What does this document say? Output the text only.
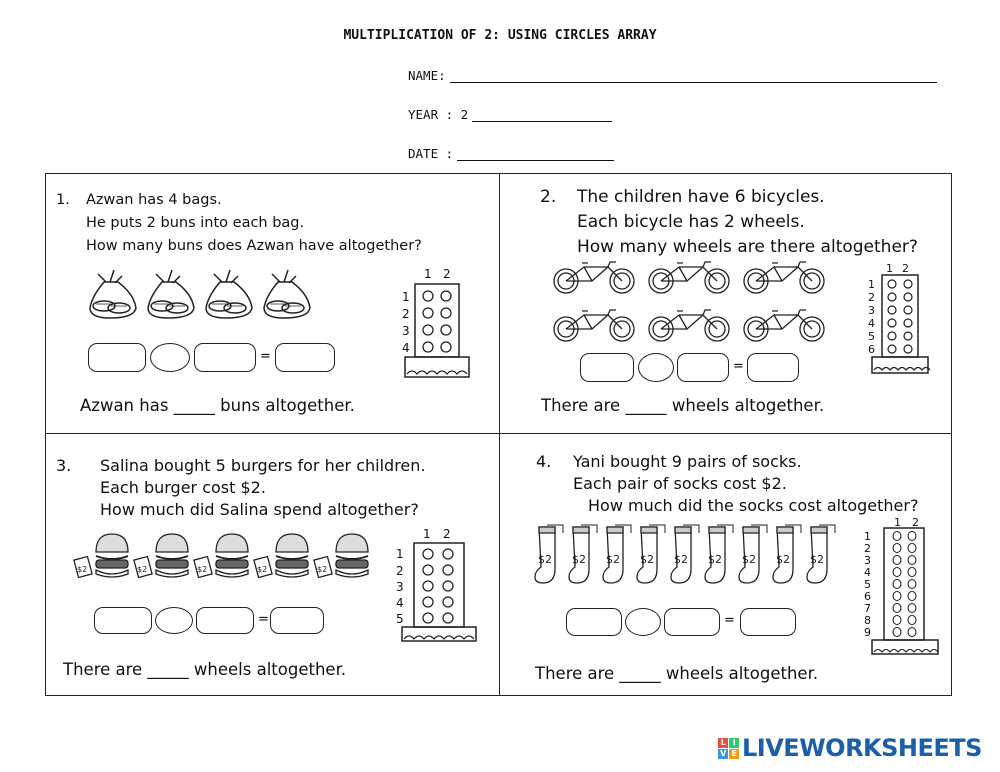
MULTIPLICATION OF 2: USING CIRCLES ARRAY
NAME:
YEAR : 2
DATE :
1. Azwan has 4 bags.
He puts 2 buns into each bag.
How many buns does Azwan have altogether?
=
1 2
1
2
3
4
Azwan has _____ buns altogether.
2. The children have 6 bicycles.
Each bicycle has 2 wheels.
How many wheels are there altogether?
=
1 2
1
2
3
4
5
6
There are _____ wheels altogether.
3. Salina bought 5 burgers for her children.
Each burger cost $2.
How much did Salina spend altogether?
$2
=
1 2
1
2
3
4
5
There are _____ wheels altogether.
4. Yani bought 9 pairs of socks.
Each pair of socks cost $2.
How much did the socks cost altogether?
$2
=
1 2
1
2
3
4
5
6
7
8
9
There are _____ wheels altogether.
L I
V E LIVEWORKSHEETS
